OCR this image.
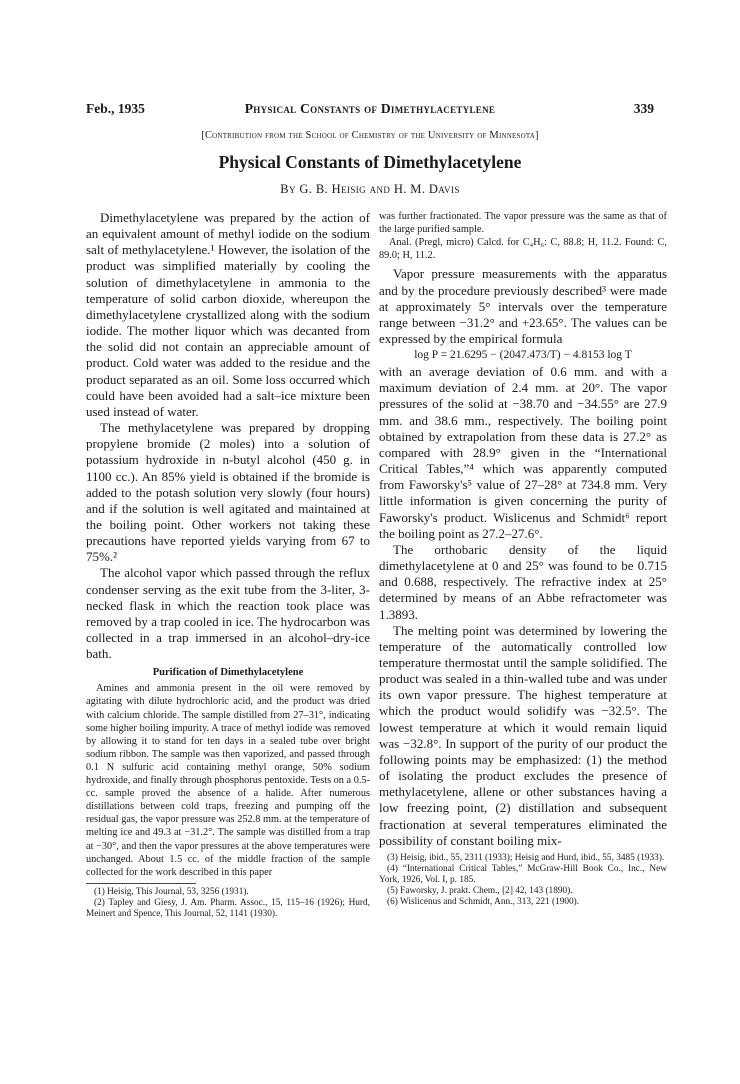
Feb., 1935	Physical Constants of Dimethylacetylene	339
[Contribution from the School of Chemistry of the University of Minnesota]
Physical Constants of Dimethylacetylene
By G. B. Heisig and H. M. Davis

Dimethylacetylene was prepared by the action of an equivalent amount of methyl iodide on the sodium salt of methylacetylene.¹ However, the isolation of the product was simplified materially by cooling the solution of dimethylacetylene in ammonia to the temperature of solid carbon dioxide, whereupon the dimethylacetylene crystallized along with the sodium iodide. The mother liquor which was decanted from the solid did not contain an appreciable amount of product. Cold water was added to the residue and the product separated as an oil. Some loss occurred which could have been avoided had a salt–ice mixture been used instead of water.

The methylacetylene was prepared by dropping propylene bromide (2 moles) into a solution of potassium hydroxide in n-butyl alcohol (450 g. in 1100 cc.). An 85% yield is obtained if the bromide is added to the potash solution very slowly (four hours) and if the solution is well agitated and maintained at the boiling point. Other workers not taking these precautions have reported yields varying from 67 to 75%.²

The alcohol vapor which passed through the reflux condenser serving as the exit tube from the 3-liter, 3-necked flask in which the reaction took place was removed by a trap cooled in ice. The hydrocarbon was collected in a trap immersed in an alcohol–dry-ice bath.

Purification of Dimethylacetylene

Amines and ammonia present in the oil were removed by agitating with dilute hydrochloric acid, and the product was dried with calcium chloride. The sample distilled from 27–31°, indicating some higher boiling impurity. A trace of methyl iodide was removed by allowing it to stand for ten days in a sealed tube over bright sodium ribbon. The sample was then vaporized, and passed through 0.1 N sulfuric acid containing methyl orange, 50% sodium hydroxide, and finally through phosphorus pentoxide. Tests on a 0.5-cc. sample proved the absence of a halide. After numerous distillations between cold traps, freezing and pumping off the residual gas, the vapor pressure was 252.8 mm. at the temperature of melting ice and 49.3 at −31.2°. The sample was distilled from a trap at −30°, and then the vapor pressures at the above temperatures were unchanged. About 1.5 cc. of the middle fraction of the sample collected for the work described in this paper

(1) Heisig, This Journal, 53, 3256 (1931).

(2) Tapley and Giesy, J. Am. Pharm. Assoc., 15, 115–16 (1926); Hurd, Meinert and Spence, This Journal, 52, 1141 (1930).

was further fractionated. The vapor pressure was the same as that of the large purified sample.

Anal. (Pregl, micro) Calcd. for C₄H₆: C, 88.8; H, 11.2. Found: C, 89.0; H, 11.2.

Vapor pressure measurements with the apparatus and by the procedure previously described³ were made at approximately 5° intervals over the temperature range between −31.2° and +23.65°. The values can be expressed by the empirical formula

log P = 21.6295 − (2047.473/T) − 4.8153 log T

with an average deviation of 0.6 mm. and with a maximum deviation of 2.4 mm. at 20°. The vapor pressures of the solid at −38.70 and −34.55° are 27.9 mm. and 38.6 mm., respectively. The boiling point obtained by extrapolation from these data is 27.2° as compared with 28.9° given in the “International Critical Tables,”⁴ which was apparently computed from Faworsky's⁵ value of 27–28° at 734.8 mm. Very little information is given concerning the purity of Faworsky's product. Wislicenus and Schmidt⁶ report the boiling point as 27.2–27.6°.

The orthobaric density of the liquid dimethylacetylene at 0 and 25° was found to be 0.715 and 0.688, respectively. The refractive index at 25° determined by means of an Abbe refractometer was 1.3893.

The melting point was determined by lowering the temperature of the automatically controlled low temperature thermostat until the sample solidified. The product was sealed in a thin-walled tube and was under its own vapor pressure. The highest temperature at which the product would solidify was −32.5°. The lowest temperature at which it would remain liquid was −32.8°. In support of the purity of our product the following points may be emphasized: (1) the method of isolating the product excludes the presence of methylacetylene, allene or other substances having a low freezing point, (2) distillation and subsequent fractionation at several temperatures eliminated the possibility of constant boiling mix-

(3) Heisig, ibid., 55, 2311 (1933); Heisig and Hurd, ibid., 55, 3485 (1933).

(4) “International Critical Tables,” McGraw-Hill Book Co., Inc., New York, 1926, Vol. I, p. 185.

(5) Faworsky, J. prakt. Chem., [2] 42, 143 (1890).

(6) Wislicenus and Schmidt, Ann., 313, 221 (1900).
